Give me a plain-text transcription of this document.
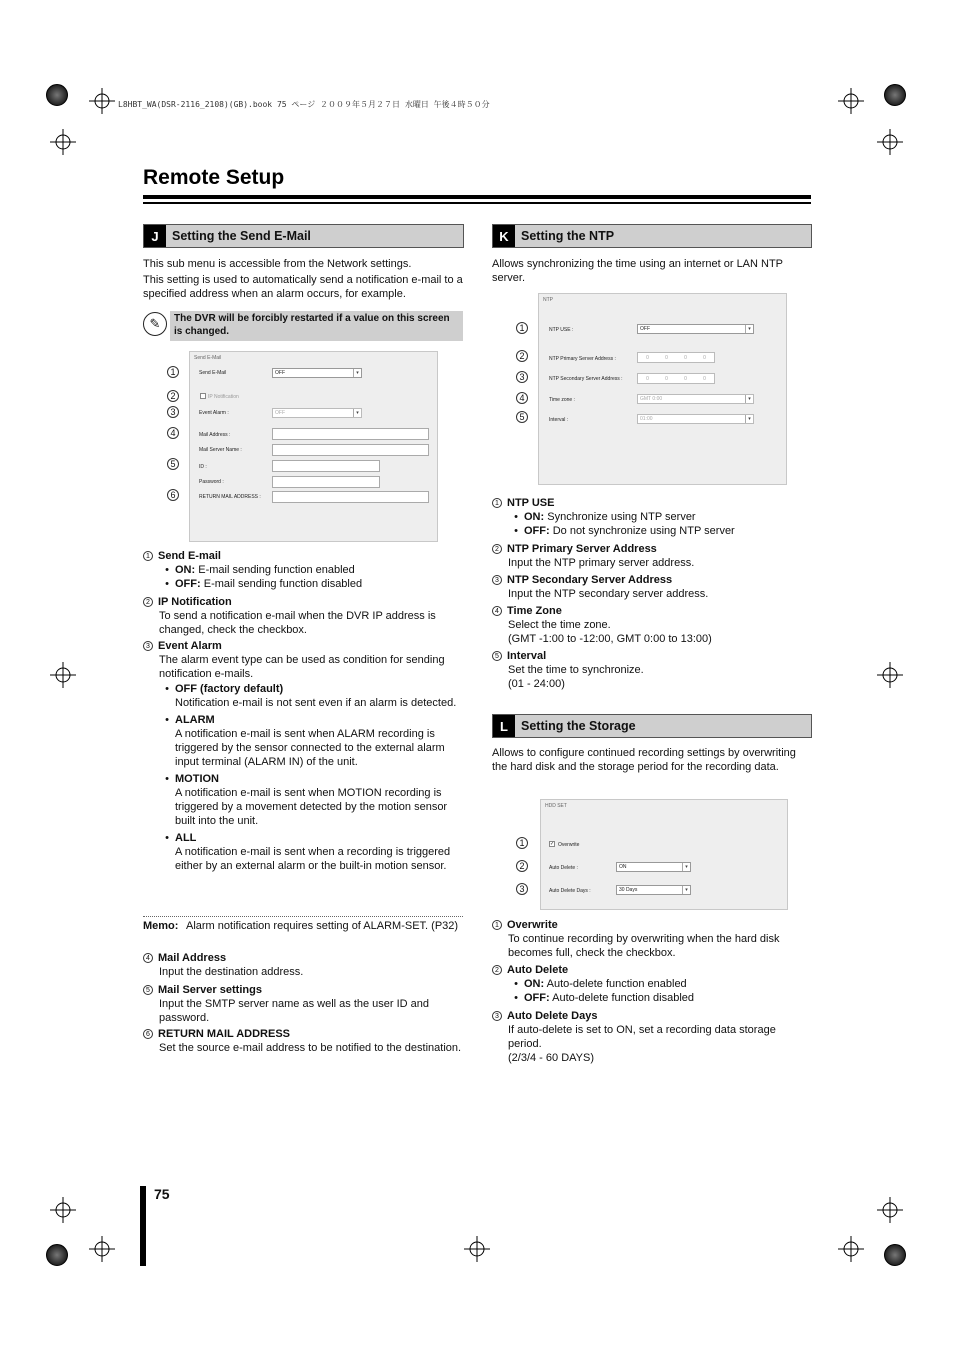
L8HBT_WA(DSR-2116_2108)(GB).book 75 ページ ２００９年５月２７日 水曜日 午後４時５０分
Remote Setup
J	Setting the Send E-Mail
This sub menu is accessible from the Network settings.
This setting is used to automatically send a notification e-mail to a specified address when an alarm occurs, for example.
✎	The DVR will be forcibly restarted if a value on this screen is changed.
Send E-Mail
Send E-Mail	OFF	▾
IP Notification
Event Alarm :	OFF	▾
Mail Address :
Mail Server Name :
ID :
Password :
RETURN MAIL ADDRESS :
1
2
3
4
5
6
1 Send E-mail
• ON: E-mail sending function enabled
• OFF: E-mail sending function disabled
2 IP Notification
To send a notification e-mail when the DVR IP address is changed, check the checkbox.
3 Event Alarm
The alarm event type can be used as condition for sending notification e-mails.
• OFF (factory default)
Notification e-mail is not sent even if an alarm is detected.
• ALARM
A notification e-mail is sent when ALARM recording is triggered by the sensor connected to the external alarm input terminal (ALARM IN) of the unit.
• MOTION
A notification e-mail is sent when MOTION recording is triggered by a movement detected by the motion sensor built into the unit.
• ALL
A notification e-mail is sent when a recording is triggered either by an external alarm or the built-in motion sensor.
Memo: Alarm notification requires setting of ALARM-SET. (P32)
4 Mail Address
Input the destination address.
5 Mail Server settings
Input the SMTP server name as well as the user ID and password.
6 RETURN MAIL ADDRESS
Set the source e-mail address to be notified to the destination.
K Setting the NTP
Allows synchronizing the time using an internet or LAN NTP server.
NTP
NTP USE :	OFF	▾
NTP Primary Server Address :	0	0	0	0
NTP Secondary Server Address :	0	0	0	0
Time zone :	GMT 0:00	▾
Interval :	01:00	▾
1
2
3
4
5
1 NTP USE
• ON: Synchronize using NTP server
• OFF: Do not synchronize using NTP server
2 NTP Primary Server Address
Input the NTP primary server address.
3 NTP Secondary Server Address
Input the NTP secondary server address.
4 Time Zone
Select the time zone.
(GMT -1:00 to -12:00, GMT 0:00 to 13:00)
5 Interval
Set the time to synchronize.
(01 - 24:00)
L	Setting the Storage
Allows to configure continued recording settings by overwriting the hard disk and the storage period for the recording data.
HDD SET
✓ Overwrite
Auto Delete :	ON	▾
Auto Delete Days :	30 Days	▾
1
2
3
1 Overwrite
To continue recording by overwriting when the hard disk becomes full, check the checkbox.
2 Auto Delete
• ON: Auto-delete function enabled
• OFF: Auto-delete function disabled
3 Auto Delete Days
If auto-delete is set to ON, set a recording data storage period.
(2/3/4 - 60 DAYS)
75
